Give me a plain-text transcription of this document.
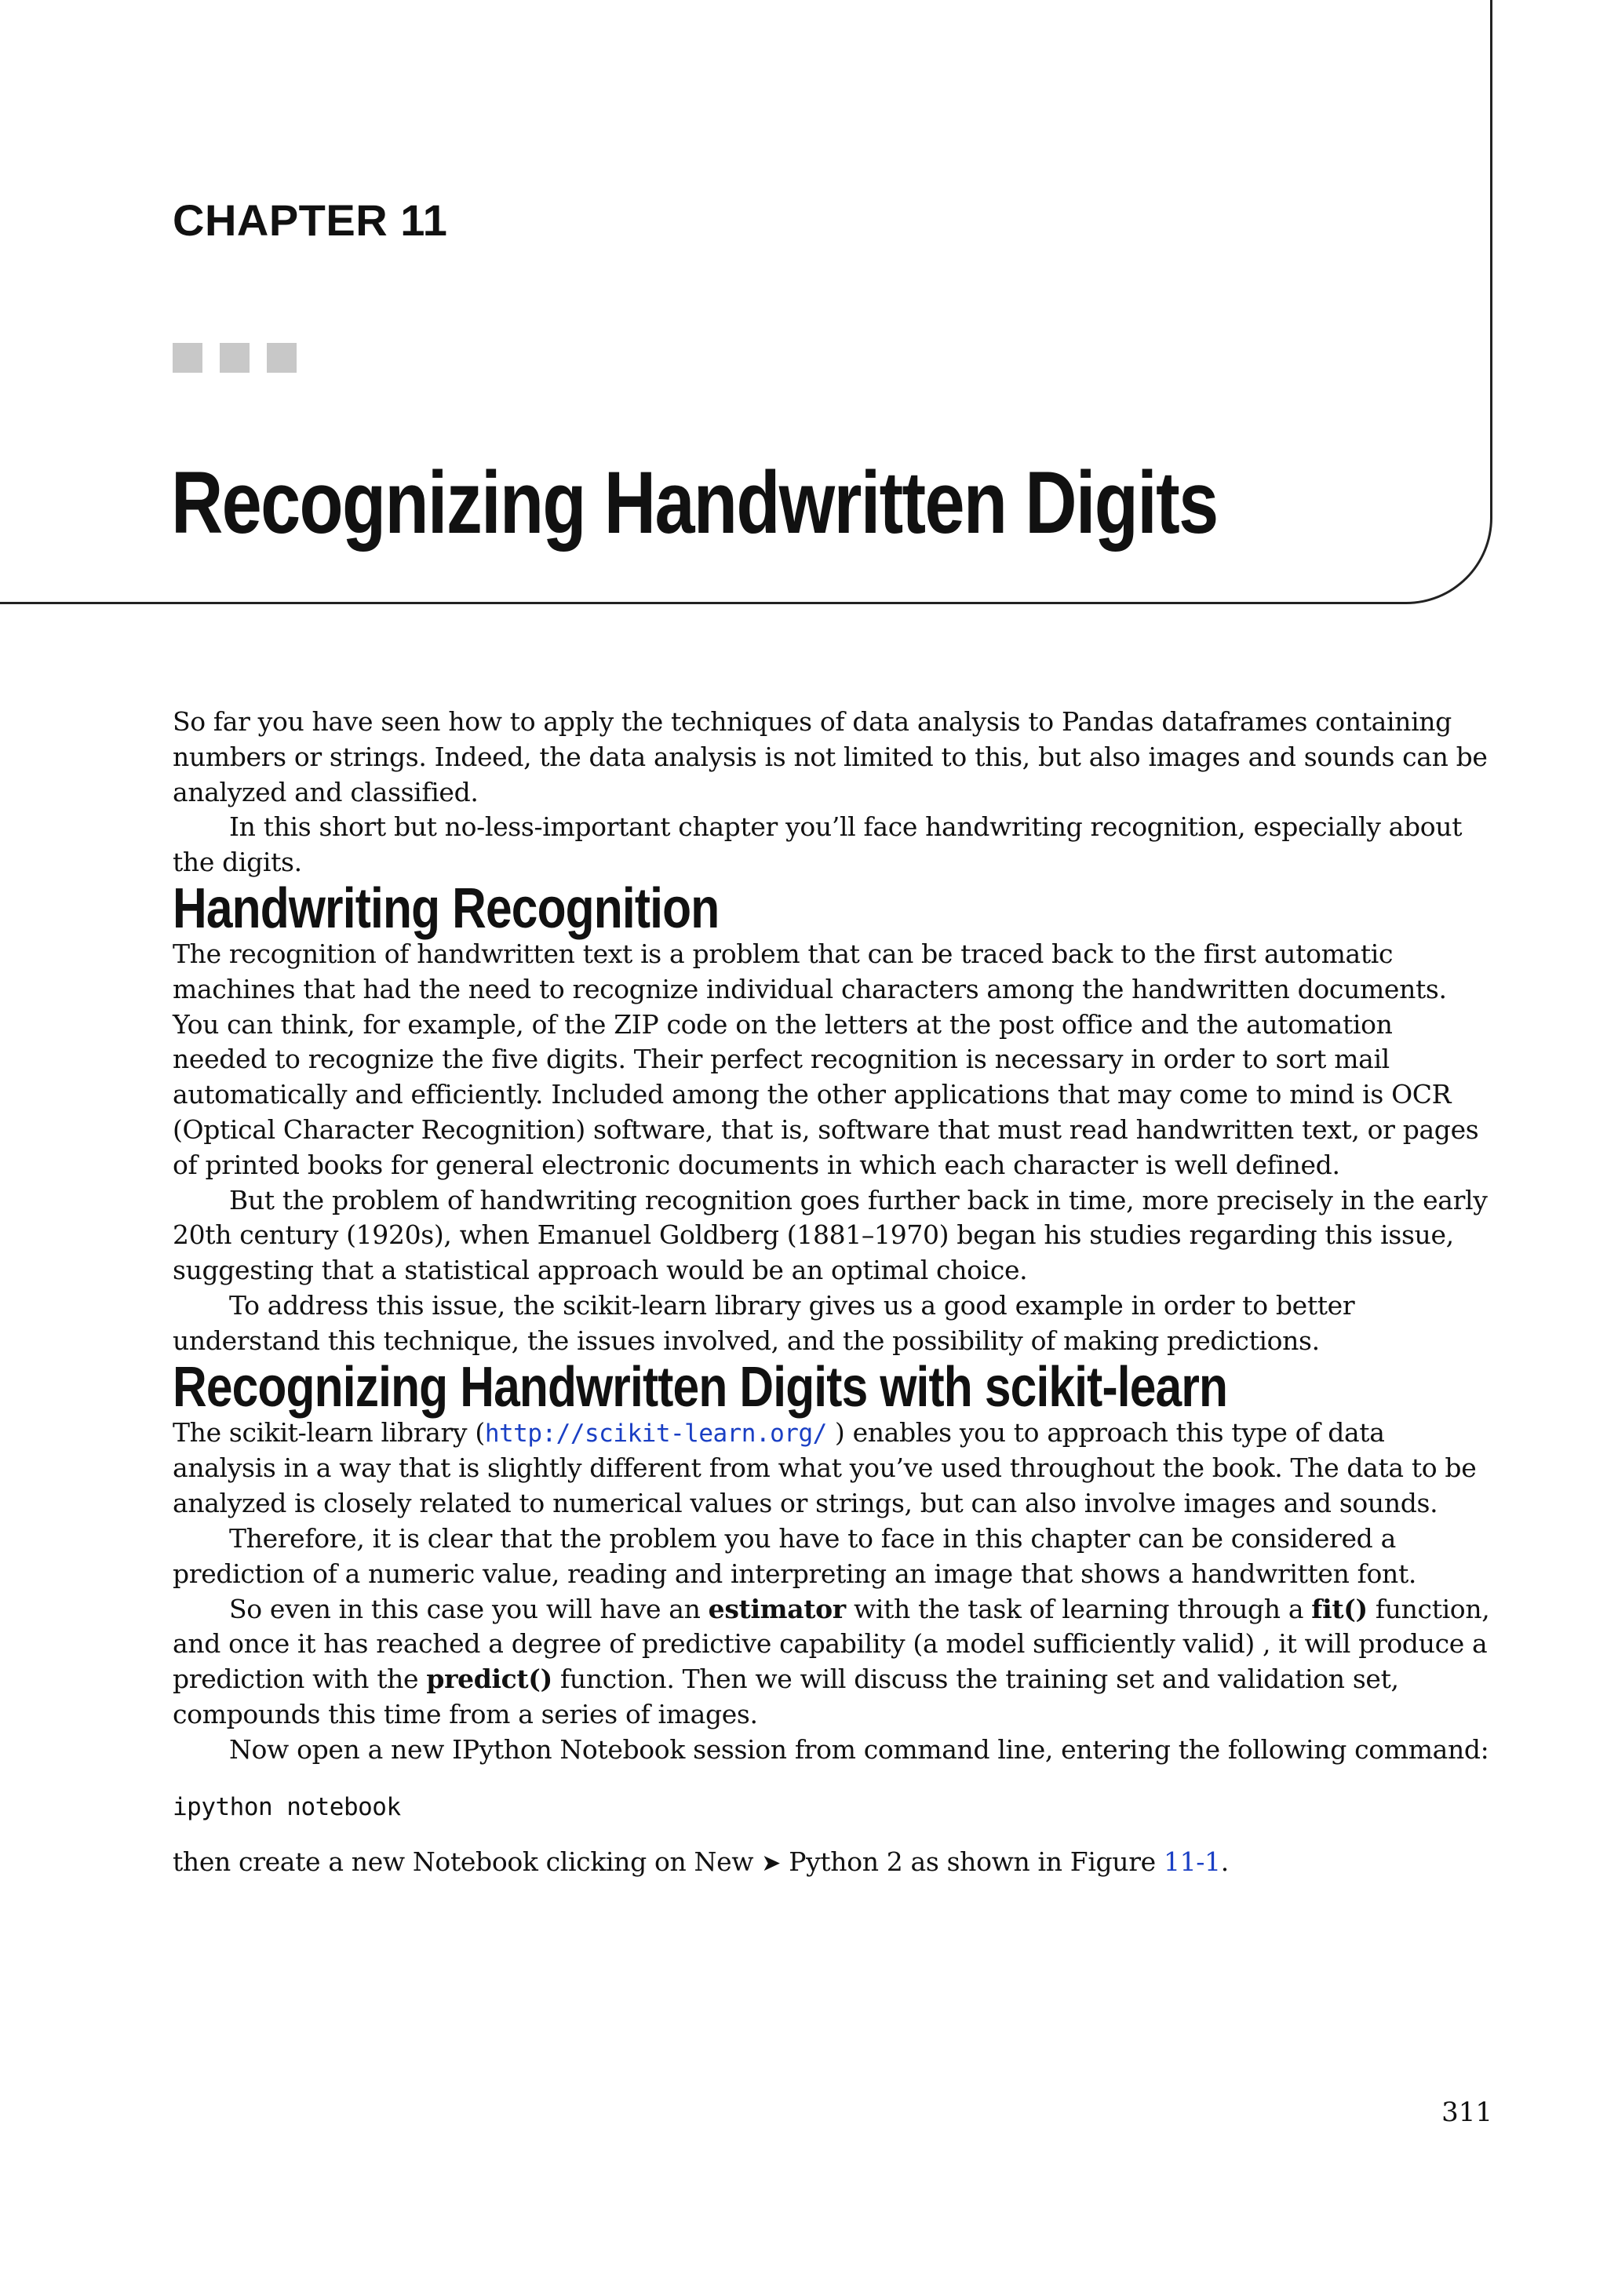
CHAPTER 11
Recognizing Handwritten Digits

So far you have seen how to apply the techniques of data analysis to Pandas dataframes containing numbers or strings. Indeed, the data analysis is not limited to this, but also images and sounds can be analyzed and classified.

In this short but no-less-important chapter you’ll face handwriting recognition, especially about the digits.

Handwriting Recognition

The recognition of handwritten text is a problem that can be traced back to the first automatic machines that had the need to recognize individual characters among the handwritten documents. You can think, for example, of the ZIP code on the letters at the post office and the automation needed to recognize the five digits. Their perfect recognition is necessary in order to sort mail automatically and efficiently. Included among the other applications that may come to mind is OCR (Optical Character Recognition) software, that is, software that must read handwritten text, or pages of printed books for general electronic documents in which each character is well defined.

But the problem of handwriting recognition goes further back in time, more precisely in the early 20th century (1920s), when Emanuel Goldberg (1881–1970) began his studies regarding this issue, suggesting that a statistical approach would be an optimal choice.

To address this issue, the scikit-learn library gives us a good example in order to better understand this technique, the issues involved, and the possibility of making predictions.

Recognizing Handwritten Digits with scikit-learn

The scikit-learn library (http://scikit-learn.org/ ) enables you to approach this type of data analysis in a way that is slightly different from what you’ve used throughout the book. The data to be analyzed is closely related to numerical values or strings, but can also involve images and sounds.

Therefore, it is clear that the problem you have to face in this chapter can be considered a prediction of a numeric value, reading and interpreting an image that shows a handwritten font.

So even in this case you will have an estimator with the task of learning through a fit() function, and once it has reached a degree of predictive capability (a model sufficiently valid) , it will produce a prediction with the predict() function. Then we will discuss the training set and validation set, compounds this time from a series of images.

Now open a new IPython Notebook session from command line, entering the following command:

ipython notebook

then create a new Notebook clicking on New ➤ Python 2 as shown in Figure 11-1.

311
